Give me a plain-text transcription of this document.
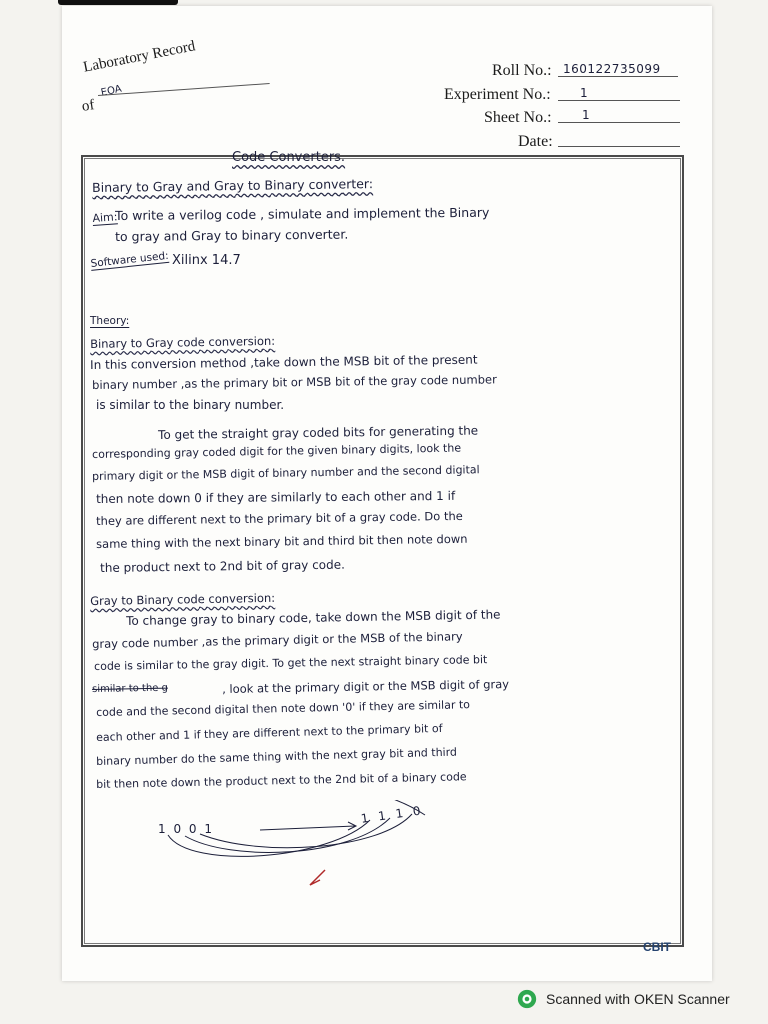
Laboratory Record
of
EOA
Roll No.: 160122735099
Experiment No.: 1
Sheet No.:	1
Date:
Code Converters.
Binary to Gray and Gray to Binary converter:
Aim:
To write a verilog code , simulate and implement the Binary
to gray and Gray to binary converter.
Software used: Xilinx 14.7
Theory:
Binary to Gray code conversion:
In this conversion method ,take down the MSB bit of the present
binary number ,as the primary bit or MSB bit of the gray code number
is similar to the binary number.
To get the straight gray coded bits for generating the
corresponding gray coded digit for the given binary digits, look the
primary digit or the MSB digit of binary number and the second digital
then note down 0 if they are similarly to each other and 1 if
they are different next to the primary bit of a gray code. Do the
same thing with the next binary bit and third bit then note down
the product next to 2nd bit of gray code.
Gray to Binary code conversion:
To change gray to binary code, take down the MSB digit of the
gray code number ,as the primary digit or the MSB of the binary
code is similar to the gray digit. To get the next straight binary code bit
similar to the g	, look at the primary digit or the MSB digit of gray
code and the second digital then note down '0' if they are similar to
each other and 1 if they are different next to the primary bit of
binary number do the same thing with the next gray bit and third
bit then note down the product next to the 2nd bit of a binary code
1 0 0 1
1 1 1 0
CBIT
Scanned with OKEN Scanner
